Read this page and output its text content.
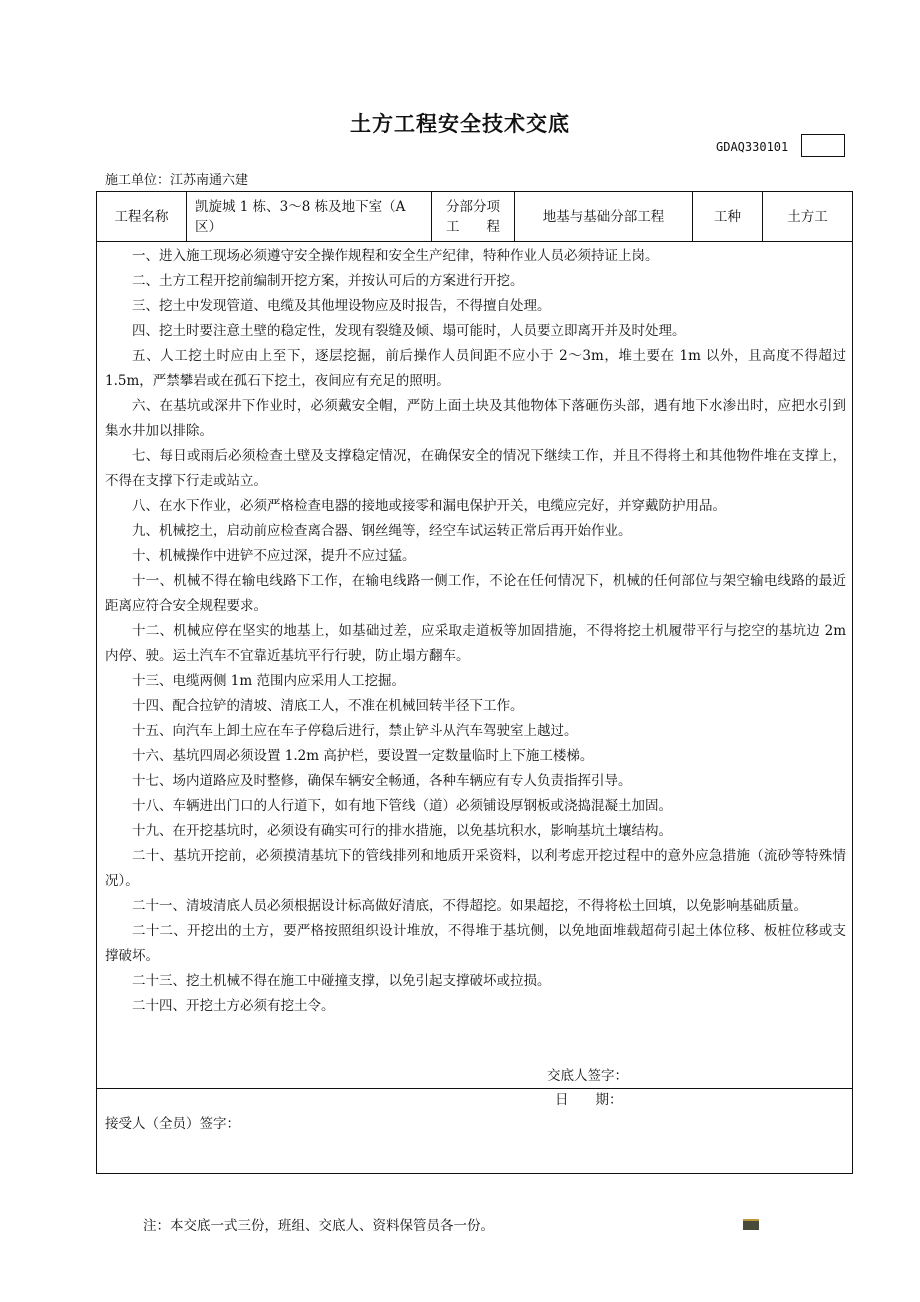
土方工程安全技术交底
GDAQ330101
施工单位：江苏南通六建
工程名称
凯旋城 1 栋、3～8 栋及地下室（A 区）
分部分项
工　　程
地基与基础分部工程	工种	土方工

一、进入施工现场必须遵守安全操作规程和安全生产纪律，特种作业人员必须持证上岗。

二、土方工程开挖前编制开挖方案，并按认可后的方案进行开挖。

三、挖土中发现管道、电缆及其他埋设物应及时报告，不得擅自处理。

四、挖土时要注意土壁的稳定性，发现有裂缝及倾、塌可能时，人员要立即离开并及时处理。

五、人工挖土时应由上至下，逐层挖掘，前后操作人员间距不应小于 2～3m，堆土要在 1m 以外，且高度不得超过 1.5m，严禁攀岩或在孤石下挖土，夜间应有充足的照明。

六、在基坑或深井下作业时，必须戴安全帽，严防上面土块及其他物体下落砸伤头部，遇有地下水渗出时，应把水引到集水井加以排除。

七、每日或雨后必须检查土壁及支撑稳定情况，在确保安全的情况下继续工作，并且不得将土和其他物件堆在支撑上，不得在支撑下行走或站立。

八、在水下作业，必须严格检查电器的接地或接零和漏电保护开关，电缆应完好，并穿戴防护用品。

九、机械挖土，启动前应检查离合器、钢丝绳等，经空车试运转正常后再开始作业。

十、机械操作中进铲不应过深，提升不应过猛。

十一、机械不得在输电线路下工作，在输电线路一侧工作，不论在任何情况下，机械的任何部位与架空输电线路的最近距离应符合安全规程要求。

十二、机械应停在坚实的地基上，如基础过差，应采取走道板等加固措施，不得将挖土机履带平行与挖空的基坑边 2m 内停、驶。运土汽车不宜靠近基坑平行行驶，防止塌方翻车。

十三、电缆两侧 1m 范围内应采用人工挖掘。

十四、配合拉铲的清坡、清底工人，不准在机械回转半径下工作。

十五、向汽车上卸土应在车子停稳后进行，禁止铲斗从汽车驾驶室上越过。

十六、基坑四周必须设置 1.2m 高护栏，要设置一定数量临时上下施工楼梯。

十七、场内道路应及时整修，确保车辆安全畅通，各种车辆应有专人负责指挥引导。

十八、车辆进出门口的人行道下，如有地下管线（道）必须铺设厚钢板或浇捣混凝土加固。

十九、在开挖基坑时，必须设有确实可行的排水措施，以免基坑积水，影响基坑土壤结构。

二十、基坑开挖前，必须摸清基坑下的管线排列和地质开采资料，以利考虑开挖过程中的意外应急措施（流砂等特殊情况）。

二十一、清坡清底人员必须根据设计标高做好清底，不得超挖。如果超挖，不得将松土回填，以免影响基础质量。

二十二、开挖出的土方，要严格按照组织设计堆放，不得堆于基坑侧，以免地面堆载超荷引起土体位移、板桩位移或支撑破坏。

二十三、挖土机械不得在施工中碰撞支撑，以免引起支撑破坏或拉损。

二十四、开挖土方必须有挖土令。

交底人签字：
日　　期：
接受人（全员）签字：
注：本交底一式三份，班组、交底人、资料保管员各一份。
